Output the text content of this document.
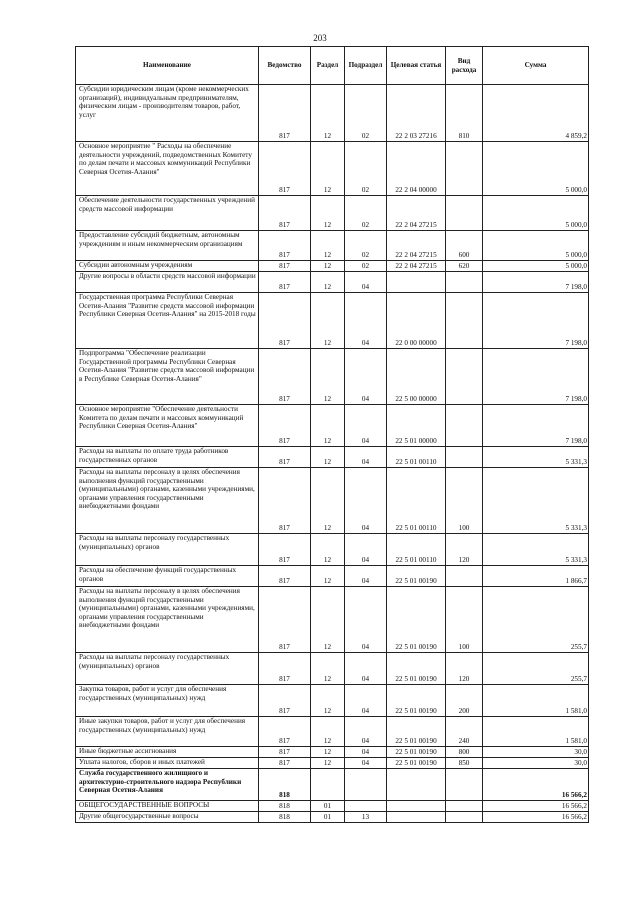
203
Наименование	Ведомство	Раздел	Подраздел	Целевая статья	Вид расхода	Сумма
Субсидии юридическим лицам (кроме некоммерческих организаций), индивидуальным предпринимателям, физическим лицам - производителям товаров, работ, услуг	817	12	02	22 2 03 27216	810	4 859,2
Основное мероприятие " Расходы на обеспечение деятельности учреждений, подведомственных Комитету по делам печати и массовых коммуникаций Республики Северная Осетия-Алания"	817	12	02	22 2 04 00000		5 000,0
Обеспечение деятельности государственных учреждений средств массовой информации	817	12	02	22 2 04 27215		5 000,0
Предоставление субсидий бюджетным, автономным учреждениям и иным некоммерческим организациям	817	12	02	22 2 04 27215	600	5 000,0
Субсидии автономным учреждениям	817	12	02	22 2 04 27215	620	5 000,0
Другие вопросы в области средств массовой информации	817	12	04			7 198,0
Государственная программа Республики Северная Осетия-Алания "Развитие средств массовой информации Республики Северная Осетия-Алания" на 2015-2018 годы	817	12	04	22 0 00 00000		7 198,0
Подпрограмма "Обеспечение реализации Государственной программы Республики Северная Осетия-Алания "Развитие средств массовой информации в Республике Северная Осетия-Алания"	817	12	04	22 5 00 00000		7 198,0
Основное мероприятие "Обеспечение деятельности Комитета по делам печати и массовых коммуникаций Республики Северная Осетия-Алания"	817	12	04	22 5 01 00000		7 198,0
Расходы на выплаты по оплате труда работников государственных органов	817	12	04	22 5 01 00110		5 331,3
Расходы на выплаты персоналу в целях обеспечения выполнения функций государственными (муниципальными) органами, казенными учреждениями, органами управления государственными внебюджетными фондами	817	12	04	22 5 01 00110	100	5 331,3
Расходы на выплаты персоналу государственных (муниципальных) органов	817	12	04	22 5 01 00110	120	5 331,3
Расходы на обеспечение функций государственных органов	817	12	04	22 5 01 00190		1 866,7
Расходы на выплаты персоналу в целях обеспечения выполнения функций государственными (муниципальными) органами, казенными учреждениями, органами управления государственными внебюджетными фондами	817	12	04	22 5 01 00190	100	255,7
Расходы на выплаты персоналу государственных (муниципальных) органов	817	12	04	22 5 01 00190	120	255,7
Закупка товаров, работ и услуг для обеспечения государственных (муниципальных) нужд	817	12	04	22 5 01 00190	200	1 581,0
Иные закупки товаров, работ и услуг для обеспечения государственных (муниципальных) нужд	817	12	04	22 5 01 00190	240	1 581,0
Иные бюджетные ассигнования	817	12	04	22 5 01 00190	800	30,0
Уплата налогов, сборов и иных платежей	817	12	04	22 5 01 00190	850	30,0
Служба государственного жилищного и архитектурно-строительного надзора Республики Северная Осетия-Алания	818					16 566,2
ОБЩЕГОСУДАРСТВЕННЫЕ ВОПРОСЫ	818	01				16 566,2
Другие общегосударственные вопросы	818	01	13			16 566,2
